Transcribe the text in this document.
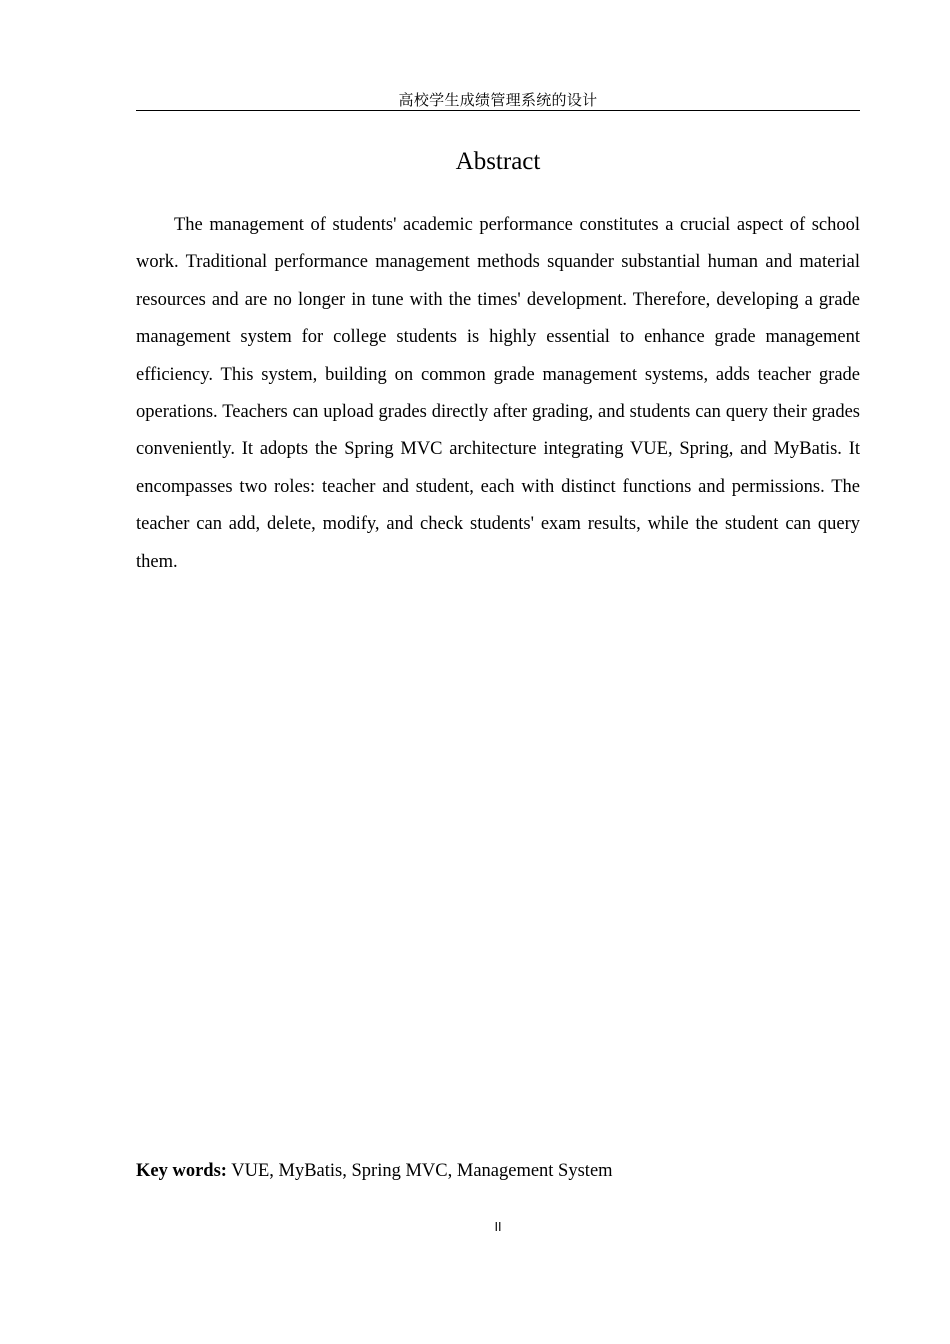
高校学生成绩管理系统的设计
Abstract

The management of students' academic performance constitutes a crucial aspect of school work. Traditional performance management methods squander substantial human and material resources and are no longer in tune with the times' development. Therefore, developing a grade management system for college students is highly essential to enhance grade management efficiency. This system, building on common grade management systems, adds teacher grade operations. Teachers can upload grades directly after grading, and students can query their grades conveniently. It adopts the Spring MVC architecture integrating VUE, Spring, and MyBatis. It encompasses two roles: teacher and student, each with distinct functions and permissions. The teacher can add, delete, modify, and check students' exam results, while the student can query them.

Key words: VUE, MyBatis, Spring MVC, Management System

II
